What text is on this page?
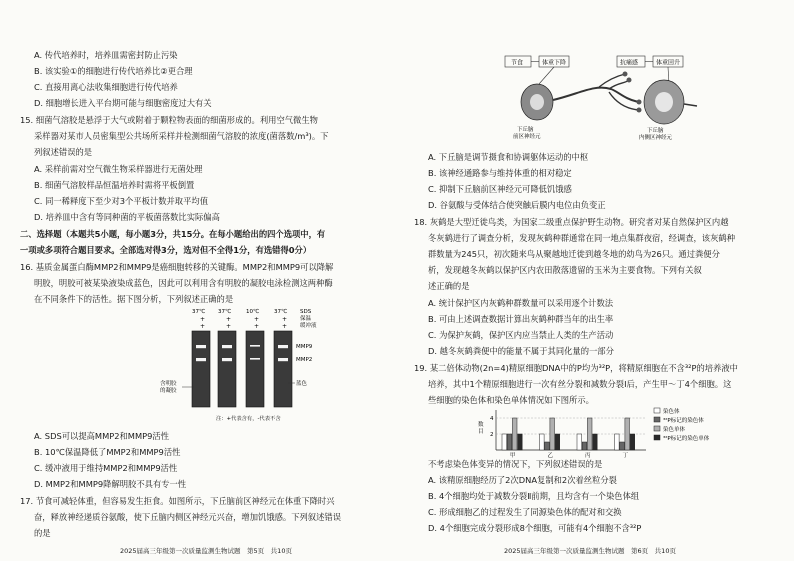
A. 传代培养时，培养皿需密封防止污染
B. 该实验①的细胞进行传代培养比②更合理
C. 直接用离心法收集细胞进行传代培养
D. 细胞增长进入平台期可能与细胞密度过大有关
15. 细菌气溶胶是悬浮于大气或附着于颗粒物表面的细菌形成的。利用空气微生物
采样器对某市人员密集型公共场所采样并检测细菌气溶胶的浓度(菌落数/m³)。下
列叙述错误的是
A. 采样前需对空气微生物采样器进行无菌处理
B. 细菌气溶胶样品恒温培养时需将平板倒置
C. 同一稀释度下至少对3个平板计数并取平均值
D. 培养皿中含有等同种菌的平板菌落数比实际偏高
二、选择题（本题共5小题，每小题3分，共15分。在每小题给出的四个选项中，有
一项或多项符合题目要求。全部选对得3分，选对但不全得1分，有选错得0分）
16. 基质金属蛋白酶MMP2和MMP9是癌细胞转移的关键酶。MMP2和MMP9可以降解
明胶，明胶可被某染液染成蓝色，因此可以利用含有明胶的凝胶电泳检测这两种酶
在不同条件下的活性。据下图分析，下列叙述正确的是
SDS
保温
缓冲液
37℃
+
+
37℃
+
+
10℃
+
+
37℃
+
+
MMP9
MMP2
含明胶
的凝胶
蓝色
注：+代表含有，-代表不含
A. SDS可以提高MMP2和MMP9活性
B. 10℃保温降低了MMP2和MMP9活性
C. 缓冲液用于维持MMP2和MMP9活性
D. MMP2和MMP9降解明胶不具有专一性
17. 节食可减轻体重，但容易发生拒食。如图所示，下丘脑前区神经元在体重下降时兴
奋，释放神经递质谷氨酸，使下丘脑内侧区神经元兴奋，增加饥饿感。下列叙述错误
的是
2025届高三年级第一次质量监测生物试题　第5页　共10页
节食	体重下降	抗痛感	体重回升
下丘脑
前区神经元
下丘脑
内侧区神经元
A. 下丘脑是调节摄食和协调躯体运动的中枢
B. 该神经通路参与维持体重的相对稳定
C. 抑制下丘脑前区神经元可降低饥饿感
D. 谷氨酸与受体结合使突触后膜内电位由负变正
18. 灰鹤是大型迁徙鸟类，为国家二级重点保护野生动物。研究者对某自然保护区内越
冬灰鹤进行了调查分析，发现灰鹤种群通常在同一地点集群夜宿，经调查，该灰鹤种
群数量为245只，初次随来鸟从聚越地迁徙到越冬地的幼鸟为26只。通过粪便分
析，发现越冬灰鹤以保护区内农田散落遗留的玉米为主要食物。下列有关叙
述正确的是
A. 统计保护区内灰鹤种群数量可以采用逐个计数法
B. 可由上述调查数据计算出灰鹤种群当年的出生率
C. 为保护灰鹤，保护区内应当禁止人类的生产活动
D. 越冬灰鹤粪便中的能量不属于其同化量的一部分
19. 某二倍体动物(2n=4)精原细胞DNA中的P均为³²P，将精原细胞在不含³²P的培养液中
培养，其中1个精原细胞进行一次有丝分裂和减数分裂I后，产生甲～丁4个细胞。这
些细胞的染色体和染色单体情况如下图所示。
数
目 2
4
甲	乙	丙	丁
染色体
³²P标记的染色体
染色单体
³²P标记的染色单体
不考虑染色体变异的情况下，下列叙述错误的是
A. 该精原细胞经历了2次DNA复制和2次着丝粒分裂
B. 4个细胞均处于减数分裂Ⅱ前期，且均含有一个染色体组
C. 形成细胞乙的过程发生了同源染色体的配对和交换
D. 4个细胞完成分裂形成8个细胞，可能有4个细胞不含³²P
2025届高三年级第一次质量监测生物试题　第6页　共10页
